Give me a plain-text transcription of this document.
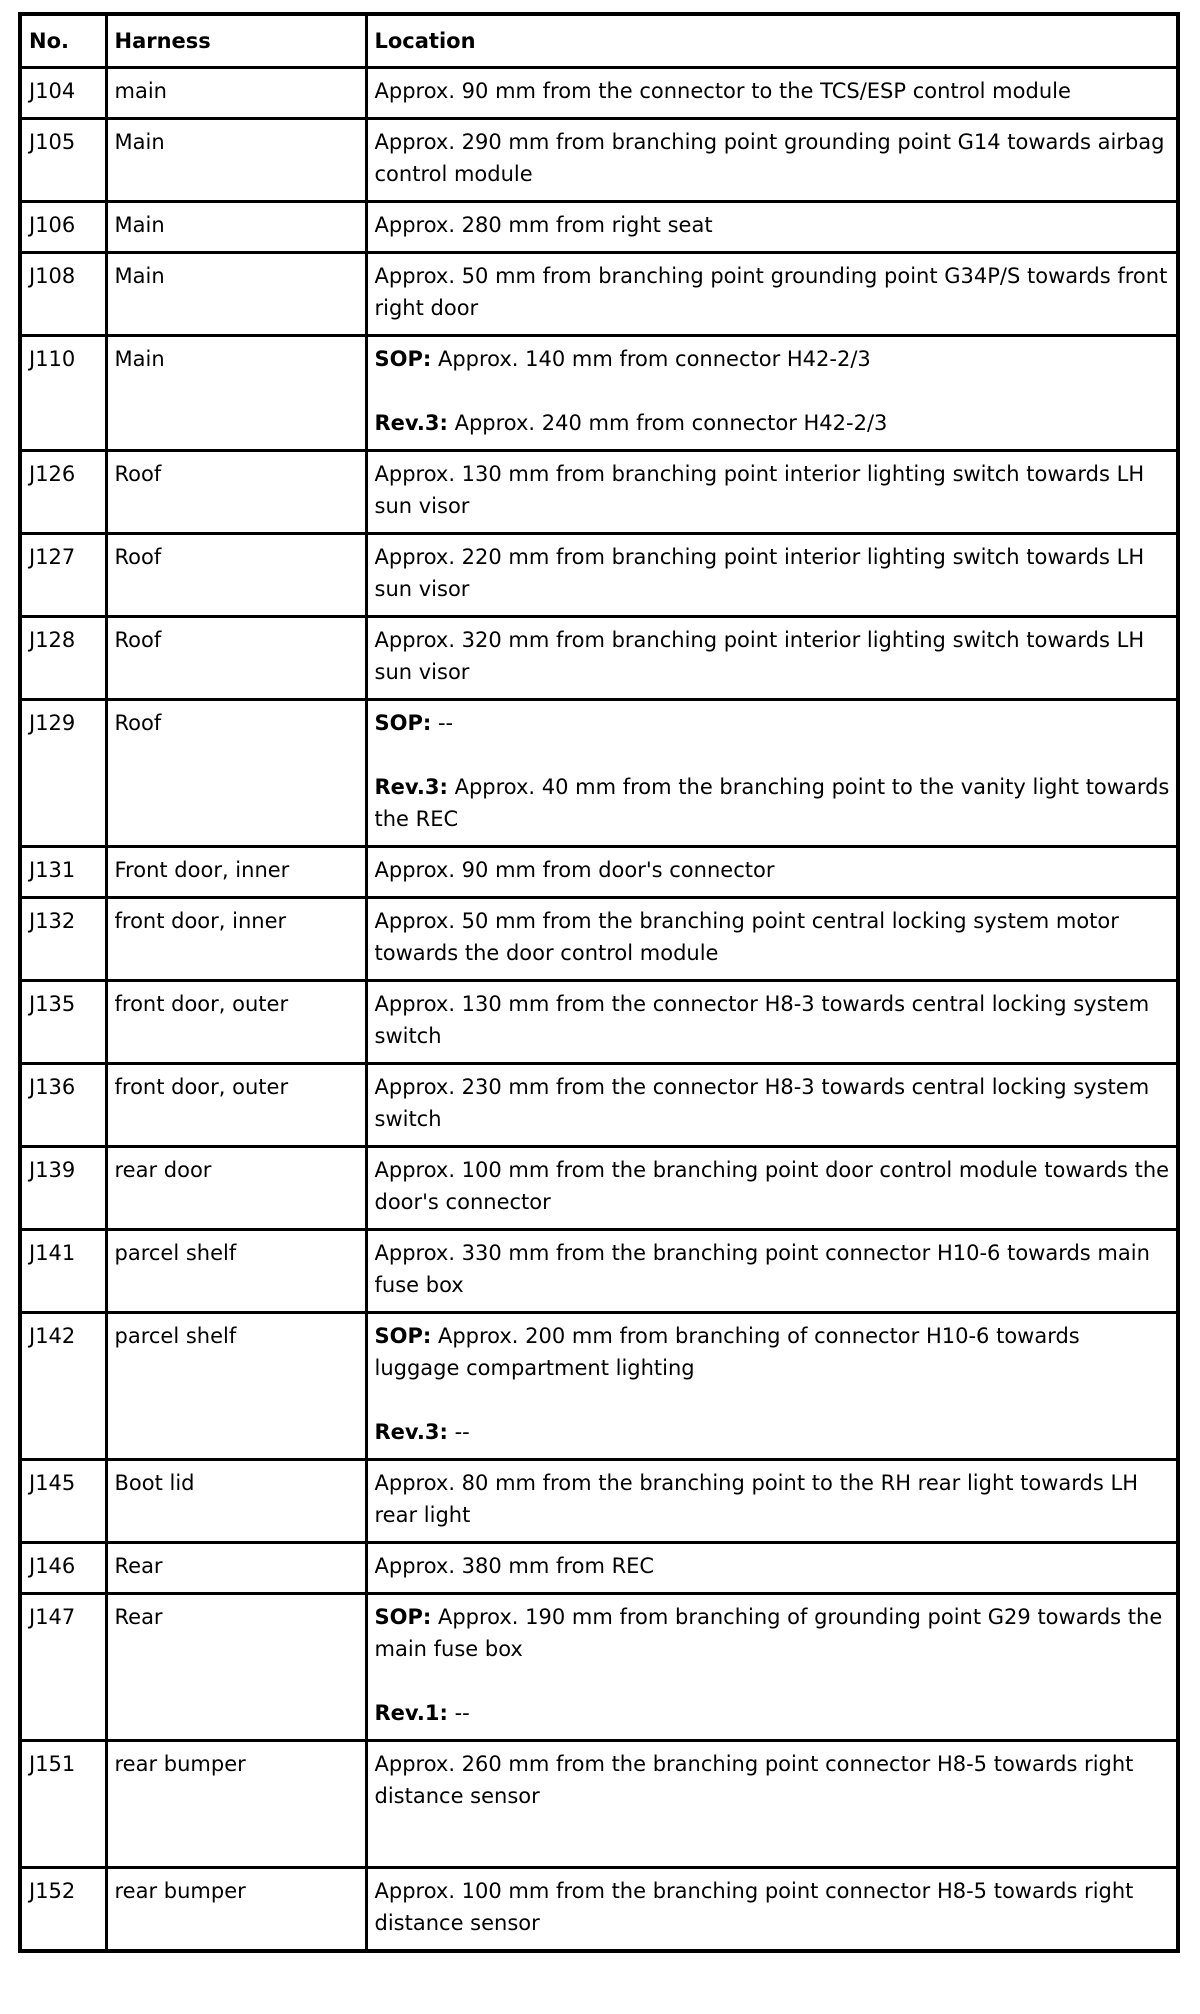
No.	Harness	Location
J104	main	Approx. 90 mm from the connector to the TCS/ESP control module

J105	Main	Approx. 290 mm from branching point grounding point G14 towards airbag control module

J106	Main	Approx. 280 mm from right seat

J108	Main	Approx. 50 mm from branching point grounding point G34P/S towards front right door

J110	Main	SOP: Approx. 140 mm from connector H42-2/3
Rev.3: Approx. 240 mm from connector H42-2/3

J126	Roof	Approx. 130 mm from branching point interior lighting switch towards LH sun visor

J127	Roof	Approx. 220 mm from branching point interior lighting switch towards LH sun visor

J128	Roof	Approx. 320 mm from branching point interior lighting switch towards LH sun visor

J129	Roof	SOP: --
Rev.3: Approx. 40 mm from the branching point to the vanity light towards the REC

J131	Front door, inner	Approx. 90 mm from door's connector

J132	front door, inner	Approx. 50 mm from the branching point central locking system motor towards the door control module

J135	front door, outer	Approx. 130 mm from the connector H8-3 towards central locking system switch

J136	front door, outer	Approx. 230 mm from the connector H8-3 towards central locking system switch

J139	rear door	Approx. 100 mm from the branching point door control module towards the door's connector

J141	parcel shelf	Approx. 330 mm from the branching point connector H10-6 towards main fuse box

J142	parcel shelf	SOP: Approx. 200 mm from branching of connector H10-6 towards luggage compartment lighting
Rev.3: --

J145	Boot lid	Approx. 80 mm from the branching point to the RH rear light towards LH rear light

J146	Rear	Approx. 380 mm from REC

J147	Rear	SOP: Approx. 190 mm from branching of grounding point G29 towards the main fuse box
Rev.1: --

J151	rear bumper	Approx. 260 mm from the branching point connector H8-5 towards right distance sensor

J152	rear bumper	Approx. 100 mm from the branching point connector H8-5 towards right distance sensor
